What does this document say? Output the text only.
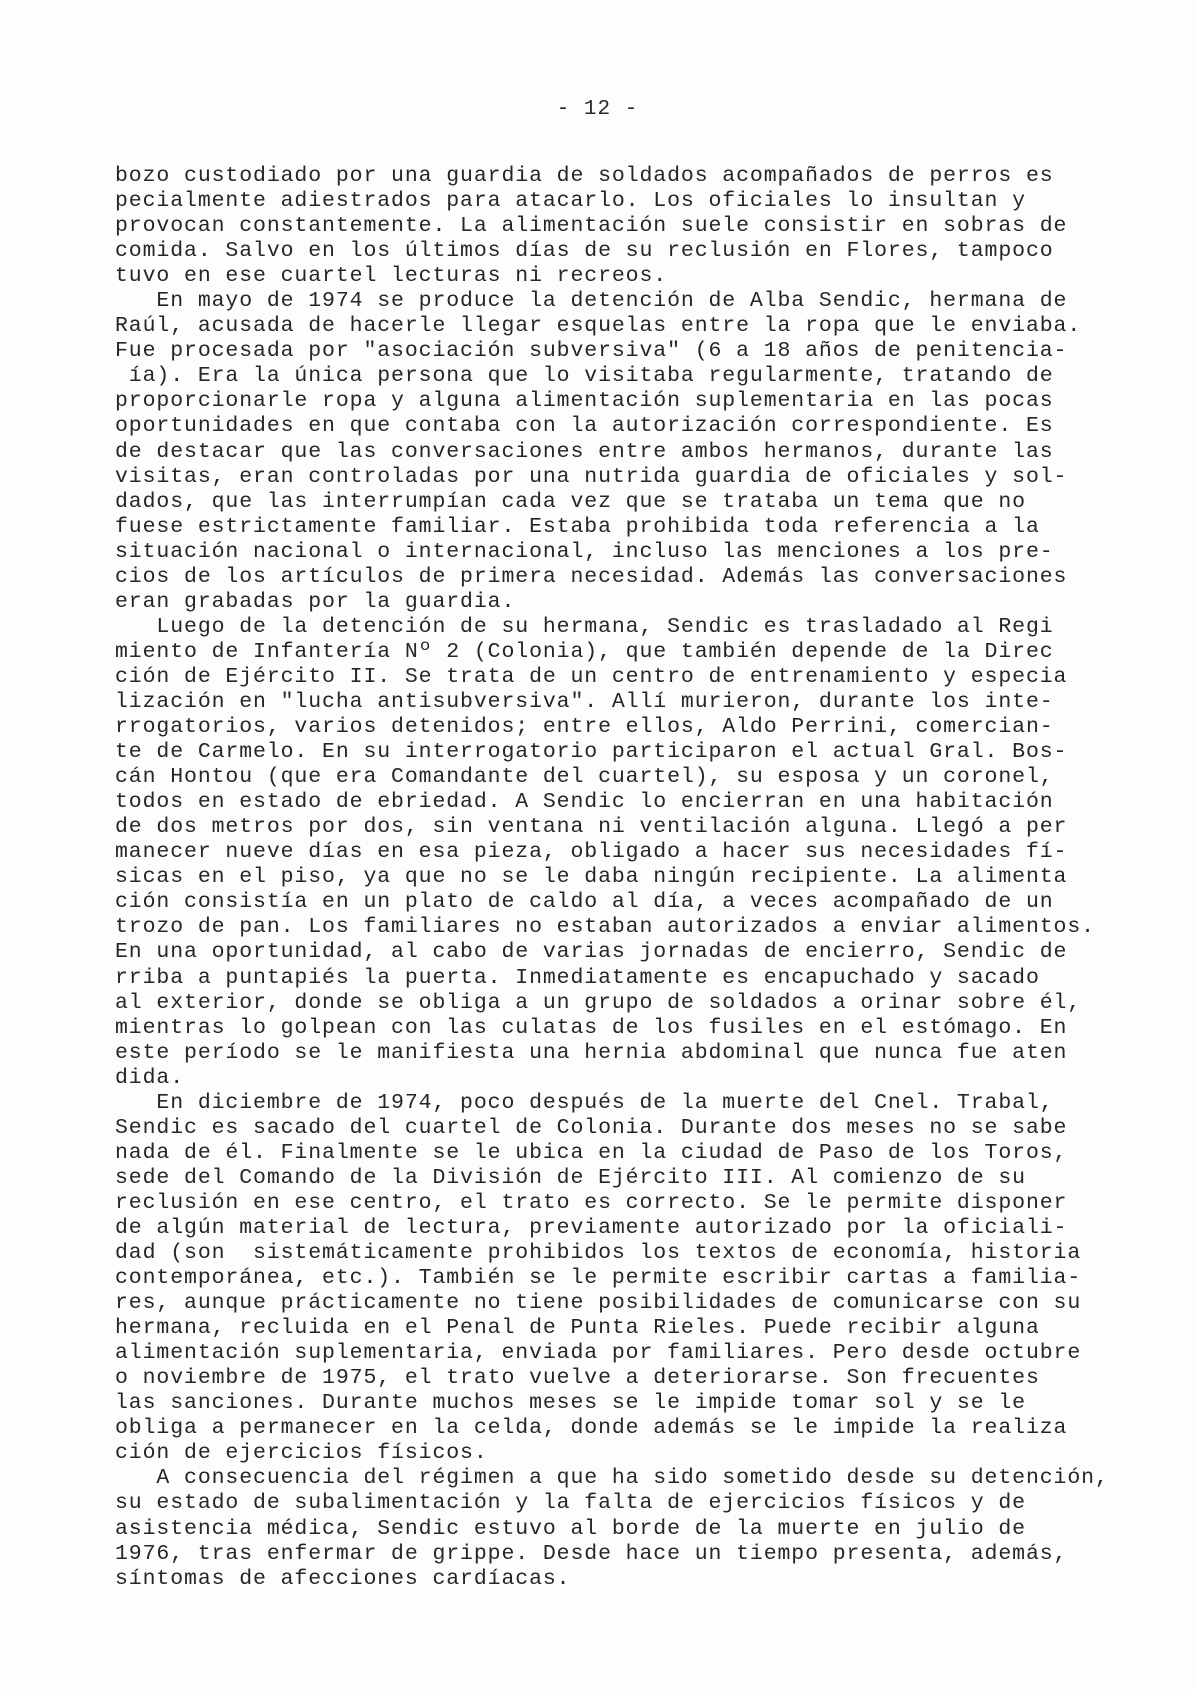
- 12 -
bozo custodiado por una guardia de soldados acompañados de perros es
pecialmente adiestrados para atacarlo. Los oficiales lo insultan y
provocan constantemente. La alimentación suele consistir en sobras de
comida. Salvo en los últimos días de su reclusión en Flores, tampoco
tuvo en ese cuartel lecturas ni recreos.
En mayo de 1974 se produce la detención de Alba Sendic, hermana de
Raúl, acusada de hacerle llegar esquelas entre la ropa que le enviaba.
Fue procesada por "asociación subversiva" (6 a 18 años de penitencia-
ía). Era la única persona que lo visitaba regularmente, tratando de
proporcionarle ropa y alguna alimentación suplementaria en las pocas
oportunidades en que contaba con la autorización correspondiente. Es
de destacar que las conversaciones entre ambos hermanos, durante las
visitas, eran controladas por una nutrida guardia de oficiales y sol-
dados, que las interrumpían cada vez que se trataba un tema que no
fuese estrictamente familiar. Estaba prohibida toda referencia a la
situación nacional o internacional, incluso las menciones a los pre-
cios de los artículos de primera necesidad. Además las conversaciones
eran grabadas por la guardia.
Luego de la detención de su hermana, Sendic es trasladado al Regi
miento de Infantería Nº 2 (Colonia), que también depende de la Direc
ción de Ejército II. Se trata de un centro de entrenamiento y especia
lización en "lucha antisubversiva". Allí murieron, durante los inte-
rrogatorios, varios detenidos; entre ellos, Aldo Perrini, comercian-
te de Carmelo. En su interrogatorio participaron el actual Gral. Bos-
cán Hontou (que era Comandante del cuartel), su esposa y un coronel,
todos en estado de ebriedad. A Sendic lo encierran en una habitación
de dos metros por dos, sin ventana ni ventilación alguna. Llegó a per
manecer nueve días en esa pieza, obligado a hacer sus necesidades fí-
sicas en el piso, ya que no se le daba ningún recipiente. La alimenta
ción consistía en un plato de caldo al día, a veces acompañado de un
trozo de pan. Los familiares no estaban autorizados a enviar alimentos.
En una oportunidad, al cabo de varias jornadas de encierro, Sendic de
rriba a puntapiés la puerta. Inmediatamente es encapuchado y sacado
al exterior, donde se obliga a un grupo de soldados a orinar sobre él,
mientras lo golpean con las culatas de los fusiles en el estómago. En
este período se le manifiesta una hernia abdominal que nunca fue aten
dida.
En diciembre de 1974, poco después de la muerte del Cnel. Trabal,
Sendic es sacado del cuartel de Colonia. Durante dos meses no se sabe
nada de él. Finalmente se le ubica en la ciudad de Paso de los Toros,
sede del Comando de la División de Ejército III. Al comienzo de su
reclusión en ese centro, el trato es correcto. Se le permite disponer
de algún material de lectura, previamente autorizado por la oficiali-
dad (son  sistemáticamente prohibidos los textos de economía, historia
contemporánea, etc.). También se le permite escribir cartas a familia-
res, aunque prácticamente no tiene posibilidades de comunicarse con su
hermana, recluida en el Penal de Punta Rieles. Puede recibir alguna
alimentación suplementaria, enviada por familiares. Pero desde octubre
o noviembre de 1975, el trato vuelve a deteriorarse. Son frecuentes
las sanciones. Durante muchos meses se le impide tomar sol y se le
obliga a permanecer en la celda, donde además se le impide la realiza
ción de ejercicios físicos.
A consecuencia del régimen a que ha sido sometido desde su detención,
su estado de subalimentación y la falta de ejercicios físicos y de
asistencia médica, Sendic estuvo al borde de la muerte en julio de
1976, tras enfermar de grippe. Desde hace un tiempo presenta, además,
síntomas de afecciones cardíacas.
